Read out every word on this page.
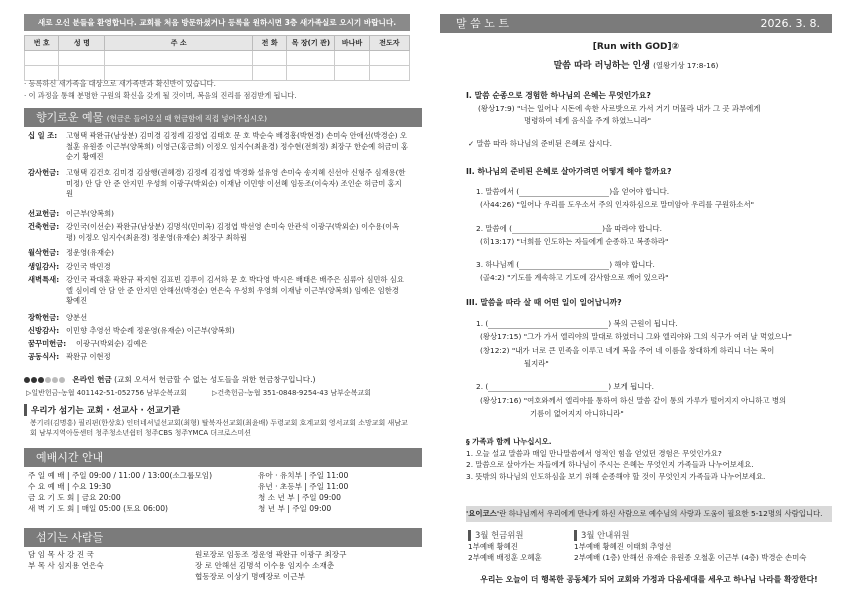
새로 오신 분들을 환영합니다. 교회를 처음 방문하셨거나 등록을 원하시면 3층 새가족실로 오시기 바랍니다.
번 호	성 명	주 소	전 화	목 장(기 관)	바나바	전도자

· 등록하신 새가족을 대상으로 새가족반과 확신반이 있습니다.
· 이 과정을 통해 분명한 구원의 확신을 갖게 될 것이며, 복음의 진리를 점검받게 됩니다.
향기로운 예물 (헌금은 들어오실 때 헌금함에 직접 넣어주십시오)
십 일 조: 고형택 곽완규(남상분) 김미경 김정례 김정엽 김태호 문 호 박순숙 배경흥(박현경) 손미숙 안애선(박경순) 오철훈 유원종 이근부(양복희) 이영근(홍금희) 이정오 임지수(최윤경) 정수현(전희정) 최장구 한순예 허금미 홍순기 황예진
감사헌금: 고형택 김건호 김미경 김삼행(권혜경) 김정례 김정엽 박경화 설유영 손미숙 송지혜 신선아 신형주 심재용(한미정) 안 담 안 준 안지민 우성희 이광구(박외순) 이재남 이민향 이선혜 임동조(이숙자) 조인순 허금미 홍지원
선교헌금: 이근부(양복희)
건축헌금: 강인국(이선순) 곽완규(남상분) 김명석(민미옥) 김정엽 박선영 손미숙 안관석 이광구(박외순) 이수용(이옥평) 이정오 임지수(최윤경) 정운영(유재순) 최장구 최하림
월삭헌금: 정운영(유재순)
생일감사: 강인국 박민경
새벽특새: 강인국 곽대훈 곽완규 곽지현 김표빈 김푸이 김서하 문 호 박다영 박시은 배태은 배주은 심류아 심민하 심요엘 심이레 안 담 안 준 안지민 안해선(박경순) 연은숙 우성희 우영희 이재남 이근부(양복희) 임예은 임한경 황예진
장학헌금: 양분선
신방감사: 이민향 추영선 박순례 정운영(유재순) 이근부(양복희)
꿈꾸미헌금: 이광구(박외순) 김예은
공동식사: 곽완규 이현정
온라인 헌금 (교회 오셔서 헌금할 수 없는 성도들을 위한 헌금창구입니다.)
▷일반헌금-농협 401142-51-052756 남부순복교회	▷건축헌금-농협 351-0848-9254-43 남부순복교회
우리가 섬기는 교회 · 선교사 · 선교기관
봉기리(김명흥) 필리핀(한상호) 인터네셔널선교회(최형) 탈북자선교회(최윤배) 두령교회 호계교회 영서교회 소망교회 새남교회 남부지역아동센터 청주청소년쉼터 청주CBS 청주YMCA 더크로스미션
예배시간 안내
주 일 예 배 | 주일 09:00 / 11:00 / 13:00(소그룹모임)
수 요 예 배 | 수요 19:30
금 요 기 도 회 | 금요 20:00
새 벽 기 도 회 | 매일 05:00 (토요 06:00)
유아 · 유치부 | 주일 11:00
유년 · 초등부 | 주일 11:00
청 소 년 부 | 주일 09:00
청 년 부 | 주일 09:00
섬기는 사람들
담 임 목 사 강 진 국
부 목 사 심지용 연은숙
원로장로 임동조 정운영 곽완규 이광구 최장구
장 로 안해선 김명석 이수용 임지수 소재춘
협동장로 이상기 명예장로 이근부
말 씀 노 트	2026. 3. 8.
[Run with GOD]②
말씀 따라 러닝하는 인생 (열왕기상 17:8-16)
I. 말씀 순종으로 경험한 하나님의 은혜는 무엇인가요?
(왕상17:9) "너는 일어나 시돈에 속한 사르밧으로 가서 거기 머물라 내가 그 곳 과부에게
명령하여 네게 음식을 주게 하였느니라"
✓ 말씀 따라 하나님의 준비된 은혜로 삽시다.
II. 하나님의 준비된 은혜로 살아가려면 어떻게 해야 할까요?
1. 말씀에서 (	)을 얻어야 합니다.
(사44:26) "일어나 우리를 도우소서 주의 인자하심으로 말미암아 우리를 구원하소서"
2. 말씀에 (	)을 따라야 합니다.
(히13:17) "너희를 인도하는 자들에게 순종하고 복종하라"
3. 하나님께 (	) 해야 합니다.
(골4:2) "기도를 계속하고 기도에 감사함으로 깨어 있으라"
III. 말씀을 따라 살 때 어떤 일이 일어납니까?
1. (	) 복의 근원이 됩니다.
(왕상17:15) "그가 가서 엘리야의 말대로 하였더니 그와 엘리야와 그의 식구가 여러 날 먹었으나"
(창12:2) "내가 너로 큰 민족을 이루고 네게 복을 주어 네 이름을 창대하게 하리니 너는 복이
될지라"
2. (	) 보게 됩니다.
(왕상17:16) "여호와께서 엘리야를 통하여 하신 말씀 같이 통의 가루가 떨어지지 아니하고 병의
기름이 없어지지 아니하니라"
§ 가족과 함께 나누십시오.
1. 오늘 설교 말씀과 매일 만나말씀에서 영적인 힘을 얻었던 경험은 무엇인가요?
2. 말씀으로 살아가는 자들에게 하나님이 주시는 은혜는 무엇인지 가족들과 나누어보세요.
3. 뜻밖의 하나님의 인도하심을 보기 위해 순종해야 할 것이 무엇인지 가족들과 나누어보세요.
'요이코스'란 하나님께서 우리에게 만나게 하신 사람으로 예수님의 사랑과 도움이 필요한 5-12명의 사람입니다.
3월 헌금위원
1부예배 황혜진
2부예배 배정훈 오혜훈
3월 안내위원
1부예배 황혜진 이태희 추영선
2부예배 (1층) 안해선 유재순 유원종 오철훈 이근부 (4층) 박경순 손미숙
우리는 오늘이 더 행복한 공동체가 되어 교회와 가정과 다음세대를 세우고 하나님 나라를 확장한다!
